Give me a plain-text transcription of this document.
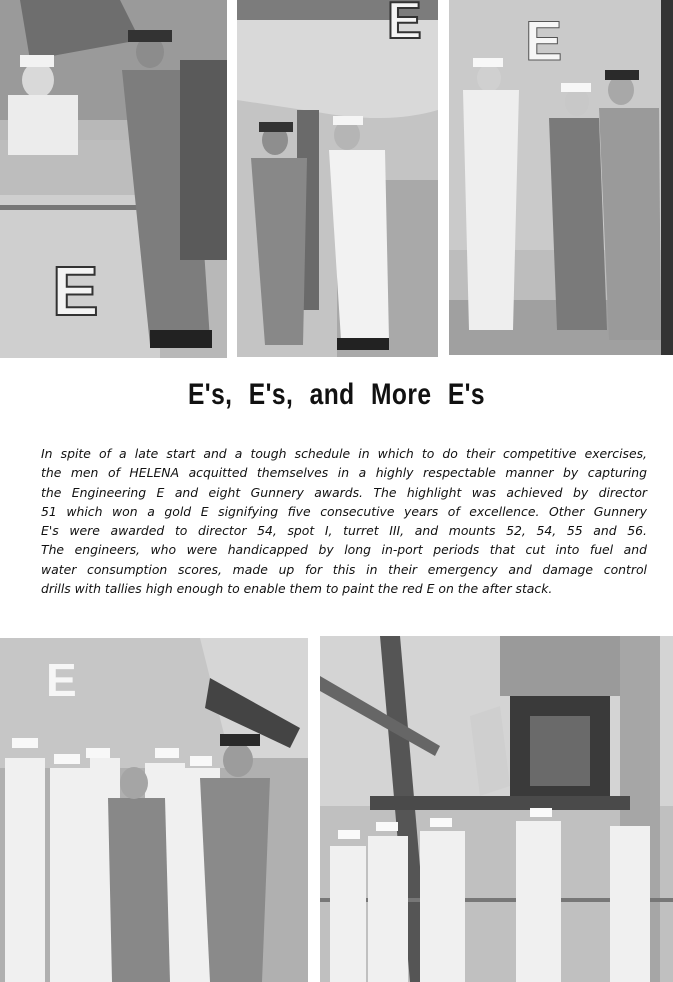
E
E E
E's, E's, and More E's
In spite of a late start and a tough schedule in which to do their competitive exercises,
the men of HELENA acquitted themselves in a highly respectable manner by capturing
the Engineering E and eight Gunnery awards. The highlight was achieved by director
51 which won a gold E signifying five consecutive years of excellence. Other Gunnery
E's were awarded to director 54, spot I, turret III, and mounts 52, 54, 55 and 56.
The engineers, who were handicapped by long in-port periods that cut into fuel and
water consumption scores, made up for this in their emergency and damage control
drills with tallies high enough to enable them to paint the red E on the after stack.
E
